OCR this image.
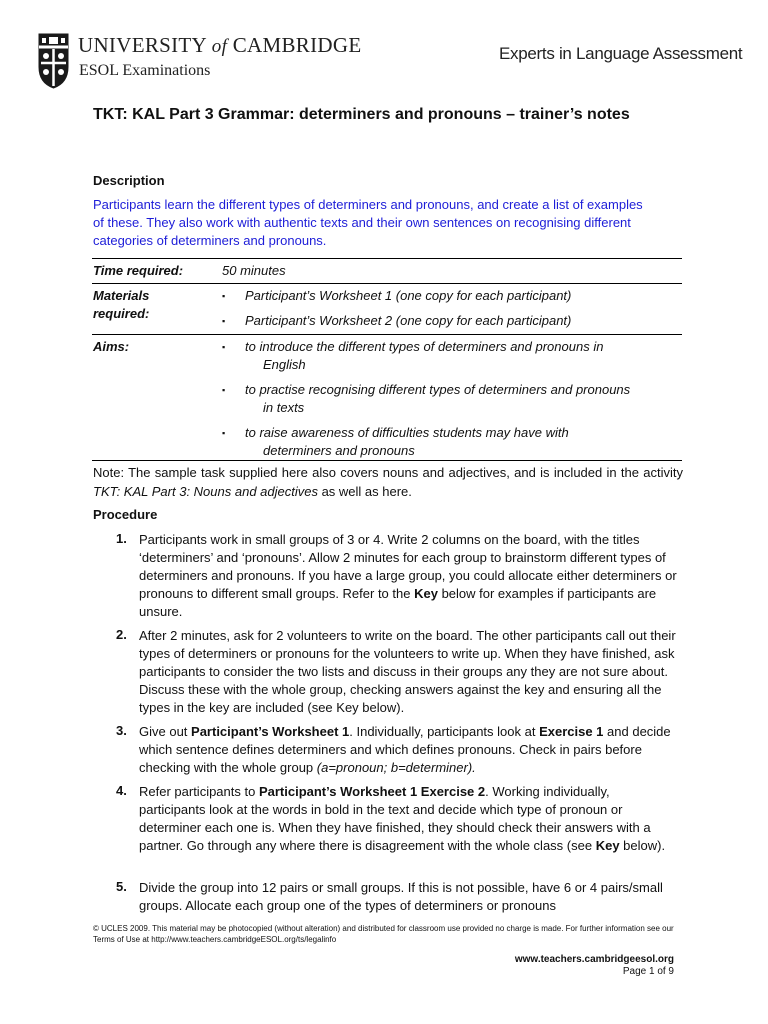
UNIVERSITY of CAMBRIDGE
ESOL Examinations
Experts in Language Assessment
TKT: KAL Part 3 Grammar: determiners and pronouns – trainer’s notes
Description
Participants learn the different types of determiners and pronouns, and create a list of examples of these. They also work with authentic texts and their own sentences on recognising different categories of determiners and pronouns.
Time required:	50 minutes
Materials
required:
▪ Participant’s Worksheet 1 (one copy for each participant)
▪ Participant’s Worksheet 2 (one copy for each participant)
Aims:	▪ to introduce the different types of determiners and pronouns in
English
▪ to practise recognising different types of determiners and pronouns
in texts
▪ to raise awareness of difficulties students may have with
determiners and pronouns
Note: The sample task supplied here also covers nouns and adjectives, and is included in the activity TKT: KAL Part 3: Nouns and adjectives as well as here.
Procedure
1. Participants work in small groups of 3 or 4. Write 2 columns on the board, with the titles ‘determiners’ and ‘pronouns’. Allow 2 minutes for each group to brainstorm different types of determiners and pronouns. If you have a large group, you could allocate either determiners or pronouns to different small groups. Refer to the Key below for examples if participants are unsure.
2. After 2 minutes, ask for 2 volunteers to write on the board. The other participants call out their types of determiners or pronouns for the volunteers to write up. When they have finished, ask participants to consider the two lists and discuss in their groups any they are not sure about. Discuss these with the whole group, checking answers against the key and ensuring all the types in the key are included (see Key below).
3. Give out Participant’s Worksheet 1. Individually, participants look at Exercise 1 and decide which sentence defines determiners and which defines pronouns. Check in pairs before checking with the whole group (a=pronoun; b=determiner).
4. Refer participants to Participant’s Worksheet 1 Exercise 2. Working individually, participants look at the words in bold in the text and decide which type of pronoun or determiner each one is. When they have finished, they should check their answers with a partner. Go through any where there is disagreement with the whole class (see Key below).
5. Divide the group into 12 pairs or small groups. If this is not possible, have 6 or 4 pairs/small groups. Allocate each group one of the types of determiners or pronouns
© UCLES 2009. This material may be photocopied (without alteration) and distributed for classroom use provided no charge is made. For further information see our Terms of Use at http://www.teachers.cambridgeESOL.org/ts/legalinfo
www.teachers.cambridgeesol.org
Page 1 of 9
